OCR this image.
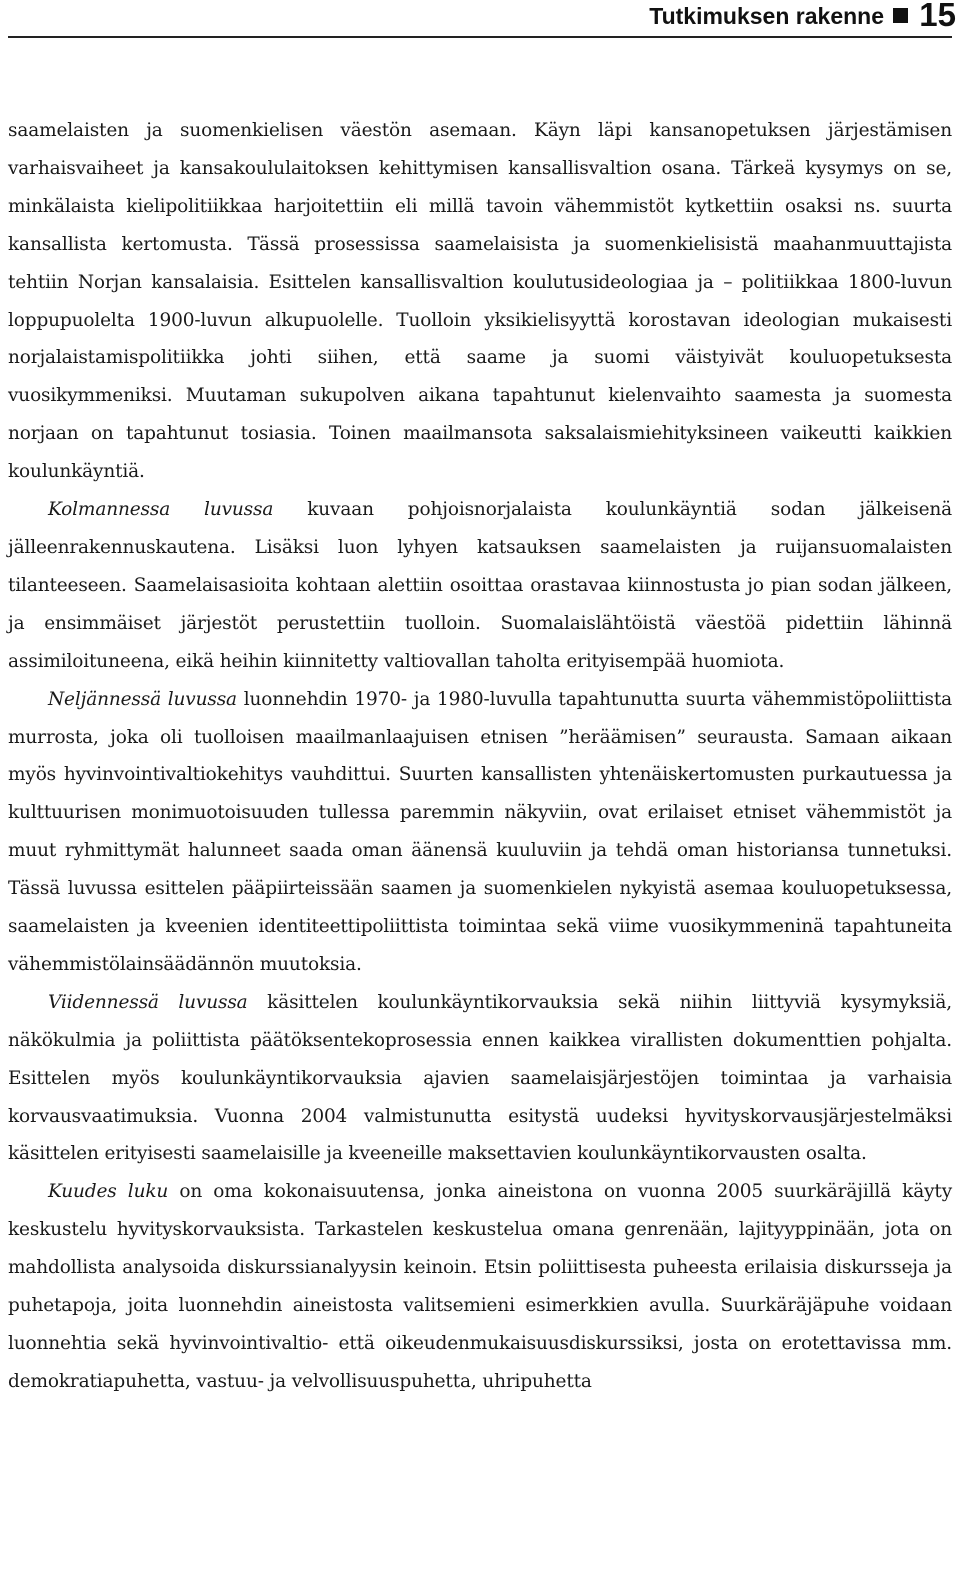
Tutkimuksen rakenne 15

saamelaisten ja suomenkielisen väestön asemaan. Käyn läpi kansanopetuksen järjestämisen varhaisvaiheet ja kansakoululaitoksen kehittymisen kansallisvaltion osana. Tärkeä kysymys on se, minkälaista kielipolitiikkaa harjoitettiin eli millä tavoin vähemmistöt kytkettiin osaksi ns. suurta kansallista kertomusta. Tässä prosessissa saamelaisista ja suomenkielisistä maahanmuuttajista tehtiin Norjan kansalaisia. Esittelen kansallisvaltion koulutusideologiaa ja – politiikkaa 1800-luvun loppupuolelta 1900-luvun alkupuolelle. Tuolloin yksikielisyyttä korostavan ideologian mukaisesti norjalaistamispolitiikka johti siihen, että saame ja suomi väistyivät kouluopetuksesta vuosikymmeniksi. Muutaman sukupolven aikana tapahtunut kielenvaihto saamesta ja suomesta norjaan on tapahtunut tosiasia. Toinen maailmansota saksalaismiehityksineen vaikeutti kaikkien koulunkäyntiä.

Kolmannessa luvussa kuvaan pohjoisnorjalaista koulunkäyntiä sodan jälkeisenä jälleenrakennuskautena. Lisäksi luon lyhyen katsauksen saamelaisten ja ruijansuomalaisten tilanteeseen. Saamelaisasioita kohtaan alettiin osoittaa orastavaa kiinnostusta jo pian sodan jälkeen, ja ensimmäiset järjestöt perustettiin tuolloin. Suomalaislähtöistä väestöä pidettiin lähinnä assimiloituneena, eikä heihin kiinnitetty valtiovallan taholta erityisempää huomiota.

Neljännessä luvussa luonnehdin 1970- ja 1980-luvulla tapahtunutta suurta vähemmistöpoliittista murrosta, joka oli tuolloisen maailmanlaajuisen etnisen ”heräämisen” seurausta. Samaan aikaan myös hyvinvointivaltiokehitys vauhdittui. Suurten kansallisten yhtenäiskertomusten purkautuessa ja kulttuurisen monimuotoisuuden tullessa paremmin näkyviin, ovat erilaiset etniset vähemmistöt ja muut ryhmittymät halunneet saada oman äänensä kuuluviin ja tehdä oman historiansa tunnetuksi. Tässä luvussa esittelen pääpiirteissään saamen ja suomenkielen nykyistä asemaa kouluopetuksessa, saamelaisten ja kveenien identiteettipoliittista toimintaa sekä viime vuosikymmeninä tapahtuneita vähemmistölainsäädännön muutoksia.

Viidennessä luvussa käsittelen koulunkäyntikorvauksia sekä niihin liittyviä kysymyksiä, näkökulmia ja poliittista päätöksentekoprosessia ennen kaikkea virallisten dokumenttien pohjalta. Esittelen myös koulunkäyntikorvauksia ajavien saamelaisjärjestöjen toimintaa ja varhaisia korvausvaatimuksia. Vuonna 2004 valmistunutta esitystä uudeksi hyvityskorvausjärjestelmäksi käsittelen erityisesti saamelaisille ja kveeneille maksettavien koulunkäyntikorvausten osalta.

Kuudes luku on oma kokonaisuutensa, jonka aineistona on vuonna 2005 suurkäräjillä käyty keskustelu hyvityskorvauksista. Tarkastelen keskustelua omana genrenään, lajityyppinään, jota on mahdollista analysoida diskurssianalyysin keinoin. Etsin poliittisesta puheesta erilaisia diskursseja ja puhetapoja, joita luonnehdin aineistosta valitsemieni esimerkkien avulla. Suurkäräjäpuhe voidaan luonnehtia sekä hyvinvointivaltio- että oikeudenmukaisuusdiskurssiksi, josta on erotettavissa mm. demokratiapuhetta, vastuu- ja velvollisuuspuhetta, uhripuhetta
